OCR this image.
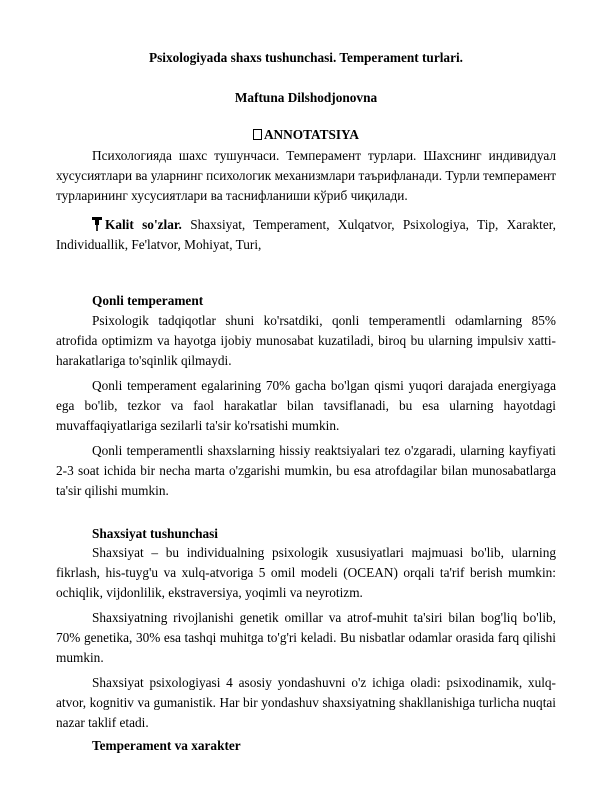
Psixologiyada shaxs tushunchasi. Temperament turlari.
Maftuna Dilshodjonovna
ANNOTATSIYA

Психологияда шахс тушунчаси. Темперамент турлари. Шахснинг индивидуал хусусиятлари ва уларнинг психологик механизмлари таърифланади. Турли темперамент турларининг хусусиятлари ва таснифланиши кўриб чиқилади.

Kalit so'zlar. Shaxsiyat, Temperament, Xulqatvor, Psixologiya, Tip, Xarakter, Individuallik, Fe'latvor, Mohiyat, Turi,

Qonli temperament

Psixologik tadqiqotlar shuni ko'rsatdiki, qonli temperamentli odamlarning 85% atrofida optimizm va hayotga ijobiy munosabat kuzatiladi, biroq bu ularning impulsiv xatti-harakatlariga to'sqinlik qilmaydi.

Qonli temperament egalarining 70% gacha bo'lgan qismi yuqori darajada energiyaga ega bo'lib, tezkor va faol harakatlar bilan tavsiflanadi, bu esa ularning hayotdagi muvaffaqiyatlariga sezilarli ta'sir ko'rsatishi mumkin.

Qonli temperamentli shaxslarning hissiy reaktsiyalari tez o'zgaradi, ularning kayfiyati 2-3 soat ichida bir necha marta o'zgarishi mumkin, bu esa atrofdagilar bilan munosabatlarga ta'sir qilishi mumkin.

Shaxsiyat tushunchasi

Shaxsiyat – bu individualning psixologik xususiyatlari majmuasi bo'lib, ularning fikrlash, his-tuyg'u va xulq-atvoriga 5 omil modeli (OCEAN) orqali ta'rif berish mumkin: ochiqlik, vijdonlilik, ekstraversiya, yoqimli va neyrotizm.

Shaxsiyatning rivojlanishi genetik omillar va atrof-muhit ta'siri bilan bog'liq bo'lib, 70% genetika, 30% esa tashqi muhitga to'g'ri keladi. Bu nisbatlar odamlar orasida farq qilishi mumkin.

Shaxsiyat psixologiyasi 4 asosiy yondashuvni o'z ichiga oladi: psixodinamik, xulq-atvor, kognitiv va gumanistik. Har bir yondashuv shaxsiyatning shakllanishiga turlicha nuqtai nazar taklif etadi.

Temperament va xarakter
